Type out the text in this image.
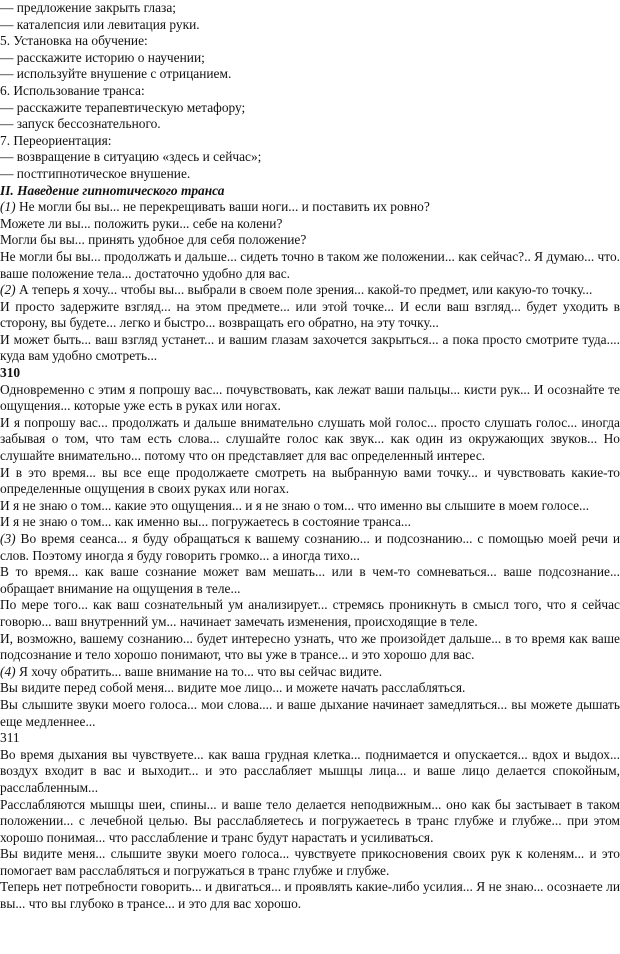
— предложение закрыть глаза;

— каталепсия или левитация руки.

5. Установка на обучение:

— расскажите историю о научении;

— используйте внушение с отрицанием.

6. Использование транса:

— расскажите терапевтическую метафору;

— запуск бессознательного.

7. Переориентация:

— возвращение в ситуацию «здесь и сейчас»;

— постгипнотическое внушение.

II. Наведение гипнотического транса

(1) Не могли бы вы... не перекрещивать ваши ноги... и поставить их ровно?

Можете ли вы... положить руки... себе на колени?

Могли бы вы... принять удобное для себя положение?

Не могли бы вы... продолжать и дальше... сидеть точно в таком же положении... как сейчас?.. Я думаю... что. ваше положение тела... достаточно удобно для вас.

(2) А теперь я хочу... чтобы вы... выбрали в своем поле зрения... какой-то предмет, или какую-то точку...

И просто задержите взгляд... на этом предмете... или этой точке... И если ваш взгляд... будет уходить в сторону, вы будете... легко и быстро... возвращать его обратно, на эту точку...

И может быть... ваш взгляд устанет... и вашим глазам захочется закрыться... а пока просто смотрите туда.... куда вам удобно смотреть...

310

Одновременно с этим я попрошу вас... почувствовать, как лежат ваши пальцы... кисти рук... И осознайте те ощущения... которые уже есть в руках или ногах.

И я попрошу вас... продолжать и дальше внимательно слушать мой голос... просто слушать голос... иногда забывая о том, что там есть слова... слушайте голос как звук... как один из окружающих звуков... Но слушайте внимательно... потому что он представляет для вас определенный интерес.

И в это время... вы все еще продолжаете смотреть на выбранную вами точку... и чувствовать какие-то определенные ощущения в своих руках или ногах.

И я не знаю о том... какие это ощущения... и я не знаю о том... что именно вы слышите в моем голосе...

И я не знаю о том... как именно вы... погружаетесь в состояние транса...

(3) Во время сеанса... я буду обращаться к вашему сознанию... и подсознанию... с помощью моей речи и слов. Поэтому иногда я буду говорить громко... а иногда тихо...

В то время... как ваше сознание может вам мешать... или в чем-то сомневаться... ваше подсознание... обращает внимание на ощущения в теле...

По мере того... как ваш сознательный ум анализирует... стремясь проникнуть в смысл того, что я сейчас говорю... ваш внутренний ум... начинает замечать изменения, происходящие в теле.

И, возможно, вашему сознанию... будет интересно узнать, что же произойдет дальше... в то время как ваше подсознание и тело хорошо понимают, что вы уже в трансе... и это хорошо для вас.

(4) Я хочу обратить... ваше внимание на то... что вы сейчас видите.

Вы видите перед собой меня... видите мое лицо... и можете начать расслабляться.

Вы слышите звуки моего голоса... мои слова.... и ваше дыхание начинает замедляться... вы можете дышать еще медленнее...

311

Во время дыхания вы чувствуете... как ваша грудная клетка... поднимается и опускается... вдох и выдох... воздух входит в вас и выходит... и это расслабляет мышцы лица... и ваше лицо делается спокойным, расслабленным...

Расслабляются мышцы шеи, спины... и ваше тело делается неподвижным... оно как бы застывает в таком положении... с лечебной целью. Вы расслабляетесь и погружаетесь в транс глубже и глубже... при этом хорошо понимая... что расслабление и транс будут нарастать и усиливаться.

Вы видите меня... слышите звуки моего голоса... чувствуете прикосновения своих рук к коленям... и это помогает вам расслабляться и погружаться в транс глубже и глубже.

Теперь нет потребности говорить... и двигаться... и проявлять какие-либо усилия... Я не знаю... осознаете ли вы... что вы глубоко в трансе... и это для вас хорошо.
